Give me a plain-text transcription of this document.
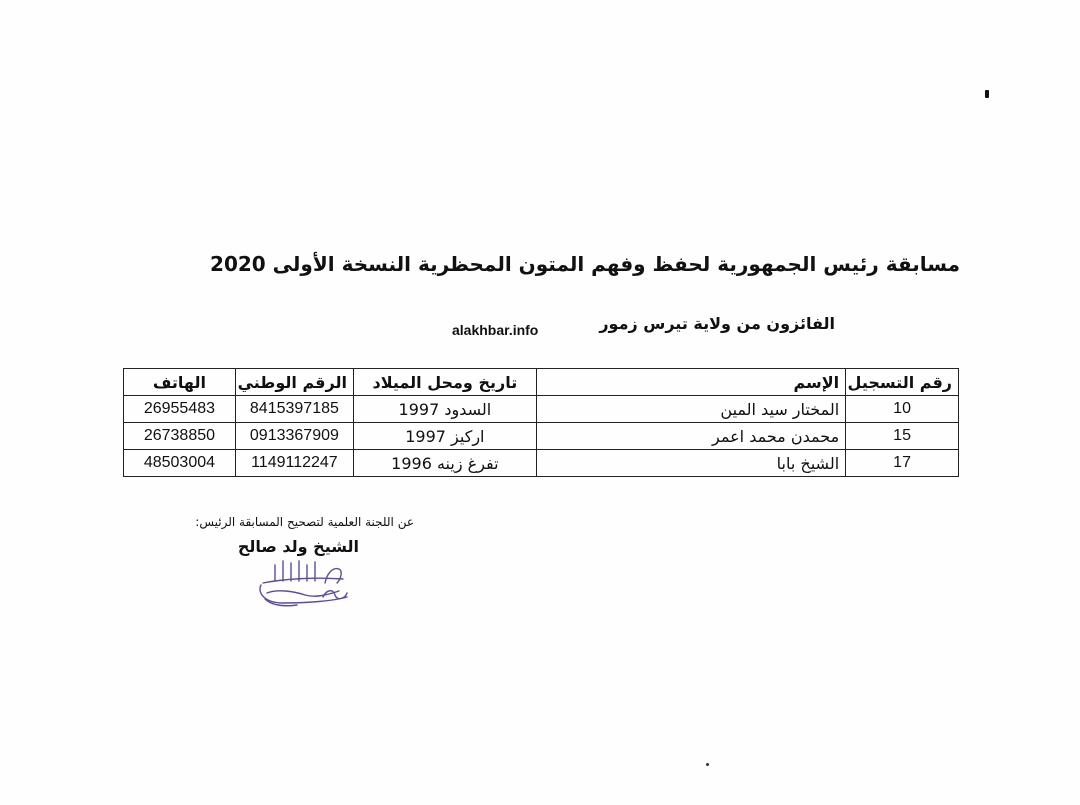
مسابقة رئيس الجمهورية لحفظ وفهم المتون المحظرية النسخة الأولى 2020
الفائزون من ولاية تيرس زمور
alakhbar.info
رقم التسجيل	الإسم	تاريخ ومحل الميلاد	الرقم الوطني	الهاتف
10	المختار سيد المين	السدود 1997	8415397185	26955483
15	محمدن محمد اعمر	اركيز 1997	0913367909	26738850
17	الشيخ بابا	تفرغ زينه 1996	1149112247	48503004
عن اللجنة العلمية لتصحيح المسابقة الرئيس:
الشيخ ولد صالح
